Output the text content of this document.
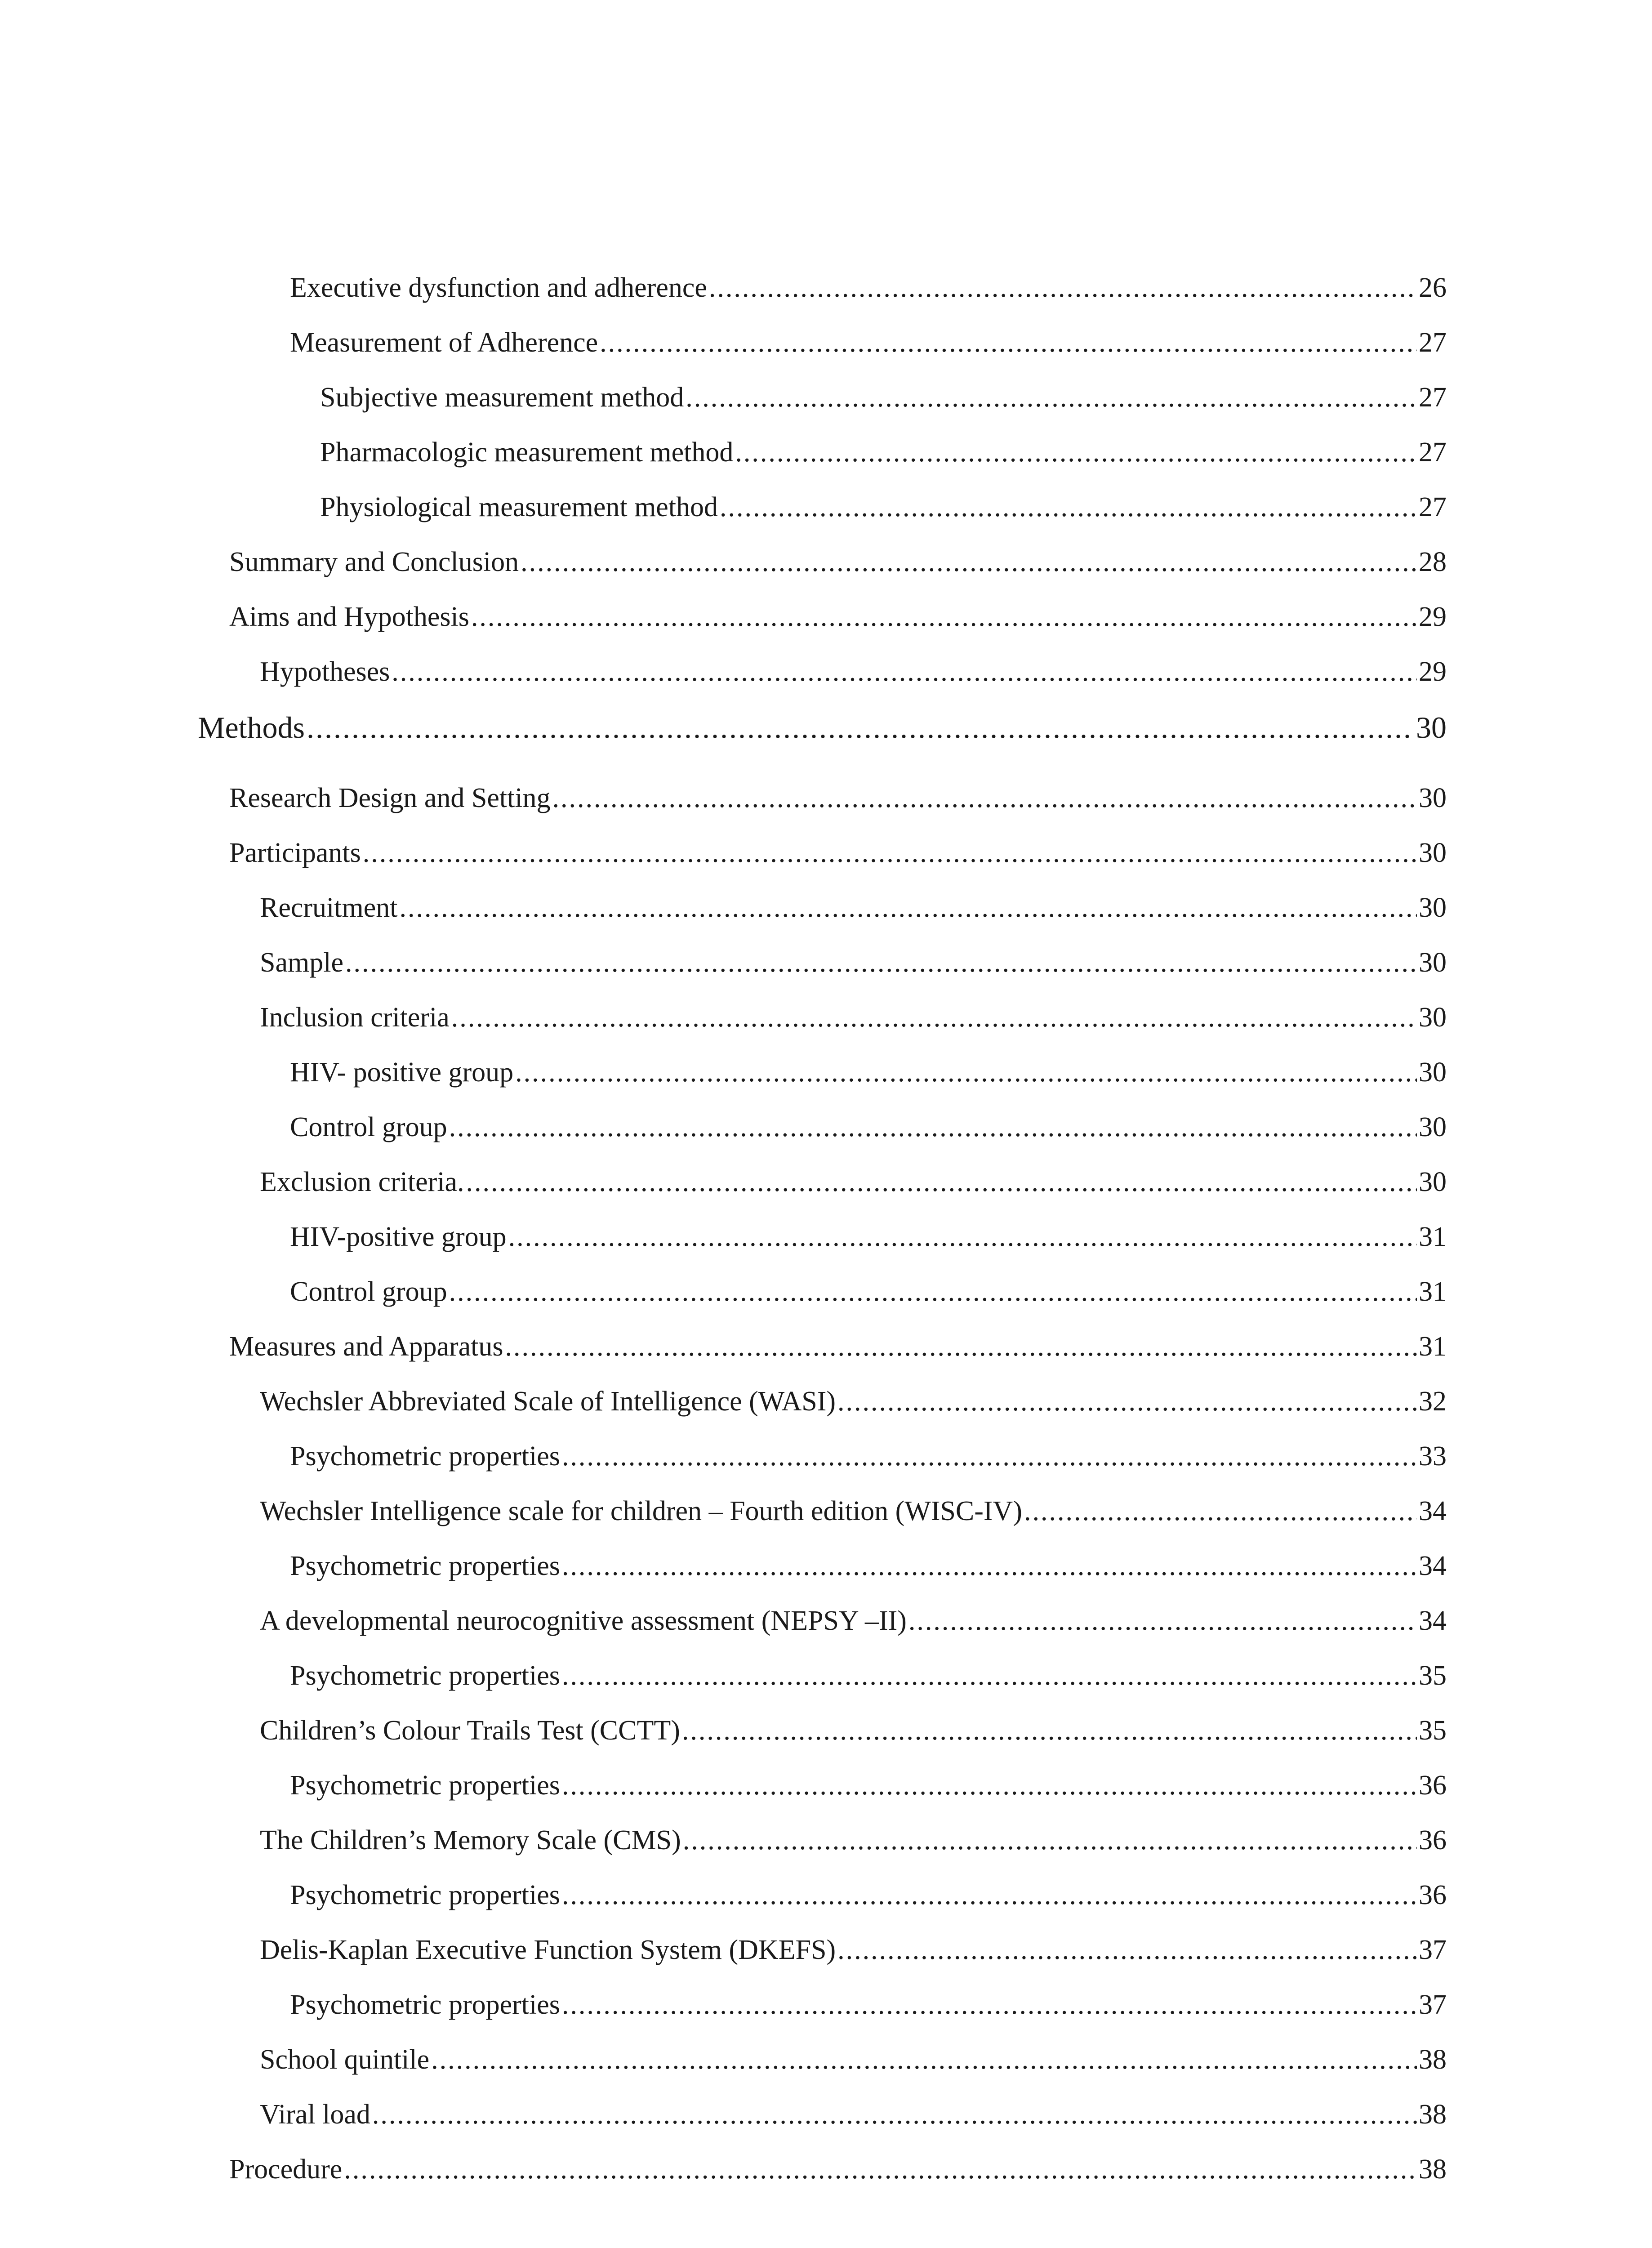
Executive dysfunction and adherence .....	26
Measurement of Adherence .....	27
Subjective measurement method .....	27
Pharmacologic measurement method .....	27
Physiological measurement method .....	27
Summary and Conclusion .....	28
Aims and Hypothesis .....	29
Hypotheses .....	29
Methods .....	30
Research Design and Setting .....	30
Participants .....	30
Recruitment .....	30
Sample .....	30
Inclusion criteria .....	30
HIV- positive group .....	30
Control group .....	30
Exclusion criteria. .....	30
HIV-positive group .....	31
Control group .....	31
Measures and Apparatus .....	31
Wechsler Abbreviated Scale of Intelligence (WASI) .....	32
Psychometric properties .....	33
Wechsler Intelligence scale for children – Fourth edition (WISC-IV) .....	34
Psychometric properties .....	34
A developmental neurocognitive assessment (NEPSY –II) .....	34
Psychometric properties .....	35
Children’s Colour Trails Test (CCTT) .....	35
Psychometric properties .....	36
The Children’s Memory Scale (CMS) .....	36
Psychometric properties .....	36
Delis-Kaplan Executive Function System (DKEFS) .....	37
Psychometric properties .....	37
School quintile .....	38
Viral load .....	38
Procedure .....	38
